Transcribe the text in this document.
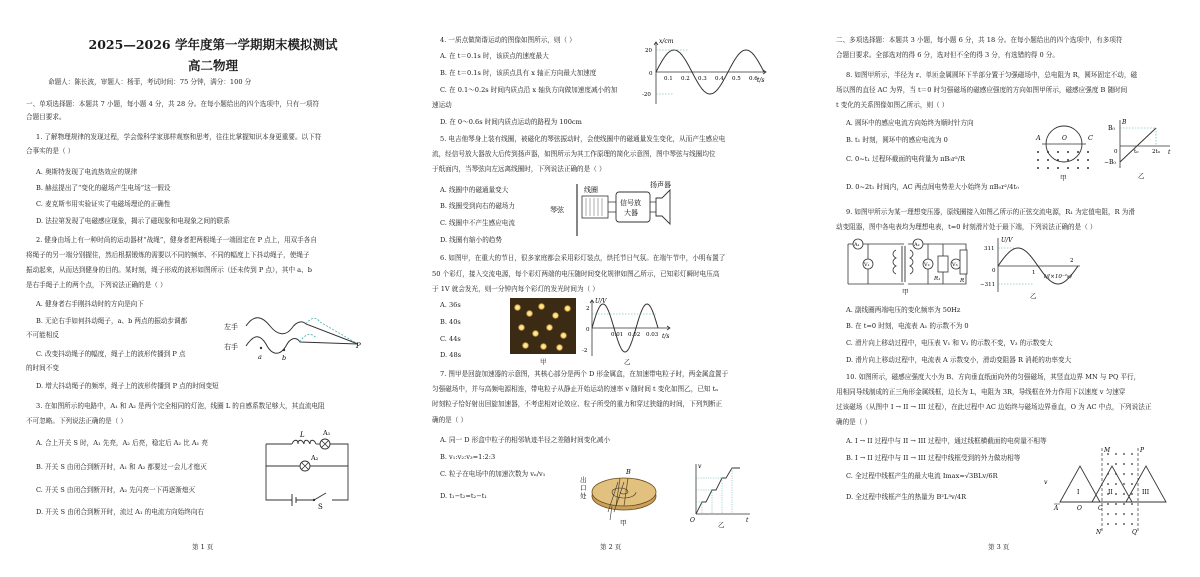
2025—2026 学年度第一学期期末模拟测试
高二物理
命题人：陈长波，审题人：杨菲，考试时间：75 分钟，满分：100 分
一、单项选择题：本题共 7 小题，每小题 4 分，共 28 分。在每小题给出的四个选项中，只有一项符
合题目要求。
1. 了解物理规律的发现过程，学会像科学家那样观察和思考，往往比掌握知识本身更重要。以下符
合事实的是（ ）
A. 奥斯特发现了电流热效应的规律
B. 赫兹提出了“变化的磁场产生电场”这一假设
C. 麦克斯韦用实验证实了电磁场理论的正确性
D. 法拉第发现了电磁感应现象，揭示了磁现象和电现象之间的联系
2. 健身由场上有一种时尚的运动器材“战绳”，健身者把两根绳子一端固定在 P 点上，用双手各自
将绳子的另一端分别握住，然后根据锻炼的需要以不同的频率、不同的幅度上下抖动绳子，使绳子
振动起来，从而达到健身的目的。某时刻，绳子形成的波形如图所示（还未传到 P 点），其中 a、b
是右手绳子上的两个点，下列说法正确的是（ ）
A. 健身者右手刚抖动时的方向是向下
B. 无论右手如何抖动绳子，a、b 两点的振动步调都
不可能相反
C. 改变抖动绳子的幅度，绳子上的波形传播到 P 点
的时间不变
D. 增大抖动绳子的频率，绳子上的波形传播到 P 点的时间变短
3. 在如图所示的电路中，A₁ 和 A₂ 是两个完全相同的灯泡，线圈 L 的自感系数足够大，其直流电阻
不可忽略。下列说法正确的是（ ）
A. 合上开关 S 时，A₁ 先亮，A₂ 后亮，稳定后 A₂ 比 A₁ 亮
B. 开关 S 由闭合到断开时，A₁ 和 A₂ 都要过一会儿才熄灭
C. 开关 S 由闭合到断开时，A₂ 先闪亮一下再逐渐熄灭
D. 开关 S 由闭合到断开时，流过 A₁ 的电流方向始终向右
左手
右手
a	b
P
L	A₁
A₂
S
第 1 页
4. 一质点做简谐运动的图像如图所示，则（ ）
A. 在 t＝0.1s 时，该质点的速度最大
B. 在 t＝0.1s 时，该质点具有 x 轴正方向最大加速度
C. 在 0.1～0.2s 时间内质点沿 x 轴负方向做加速度减小的加
速运动
D. 在 0～0.6s 时间内质点运动的路程为 100cm
5. 电吉他琴身上装有线圈，被磁化的琴弦振动时，会使线圈中的磁通量发生变化，从而产生感应电
流，经信号放大器放大后传到扬声器，如图所示为其工作原理的简化示意图，图中琴弦与线圈均位
于纸面内，当琴弦向左远离线圈时，下列说法正确的是（ ）
A. 线圈中的磁通量变大
B. 线圈受到向右的磁场力
C. 线圈中不产生感应电流
D. 线圈有缩小的趋势
6. 如图甲，在重大的节日，很多家庭都会采用彩灯装点，烘托节日气氛。在端午节中，小明布置了
50 个彩灯，接入交流电源，每个彩灯两端的电压随时间变化规律如图乙所示，已知彩灯瞬时电压高
于 1V 就会发光，则一分钟内每个彩灯的发光时间为（ ）
A. 36s
B. 40s
C. 44s
D. 48s
7. 图甲是回旋加速器的示意图，其核心部分是两个 D 形金属盒，在加速带电粒子时，两金属盒置于
匀强磁场中，并与高频电源相连，带电粒子从静止开始运动的速率 v 随时间 t 变化如图乙，已知 tₙ
时刻粒子恰好射出回旋加速器，不考虑相对论效应、粒子所受的重力和穿过狭缝的时间，下列判断正
确的是（ ）
A. 同一 D 形盒中粒子的相邻轨迹半径之差随时间变化减小
B. v₁:v₂:v₃=1:2:3
C. 粒子在电场中的加速次数为 vₙ/v₁
D. t₁−t₂=t₂−t₁
x/cm
t/s
20
0
-20
0.1 0.2 0.3 0.4 0.5 0.6
琴弦
线圈
信号放
大器
扬声器
甲
U/V
t/s
2
0
-2
0.01 0.02 0.03
乙
出
口
处
B
甲
v
t
O
乙
第 2 页
二、多项选择题：本题共 3 小题，每小题 6 分，共 18 分。在每小题给出的四个选项中，有多项符
合题目要求。全部选对的得 6 分，选对但不全的得 3 分，有选错的得 0 分。
8. 如图甲所示，半径为 r、单匝金属圆环下半部分置于匀强磁场中，总电阻为 R，圆环固定不动，磁
场以图的直径 AC 为界，当 t＝0 时匀强磁场的磁感应强度的方向如图甲所示，磁感应强度 B 随时间
t 变化的关系图像如图乙所示，则（ ）
A. 圆环中的感应电流方向始终为顺时针方向
B. t₁ 时刻，圆环中的感应电流为 0
C. 0~t₁ 过程环截面的电荷量为 πB₀r²/R
D. 0~2t₁ 时间内，AC 两点间电势差大小始终为 πB₀r²/4t₀
9. 如图甲所示为某一理想变压器，原线圈接入如图乙所示的正弦交流电源，R₁ 为定值电阻，R 为滑
动变阻器，图中各电表均为理想电表，t=0 时刻滑片处于最下端，下列说法正确的是（ ）
A. 副线圈两端电压的变化频率为 50Hz
B. 在 t=0 时刻，电流表 A₁ 的示数不为 0
C. 滑片向上移动过程中，电压表 V₁ 和 V₂ 的示数不变，V₃ 的示数变大
D. 滑片向上移动过程中，电流表 A 示数变小，滑动变阻器 R 消耗的功率变大
10. 如图所示，磁感应强度大小为 B、方向垂直纸面向外的匀强磁场，其竖直边界 MN 与 PQ 平行，
用相同导线制成的正三角形金属线框，边长为 L，电阻为 3R，导线框在外力作用下以速度 v 匀速穿
过该磁场（从图中 I → II → III 过程），在此过程中 AC 边始终与磁场边界垂直，O 为 AC 中点，下列说法正
确的是（ ）
A. I → II 过程中与 II → III 过程中，通过线框横截面的电荷量不相等
B. I → II 过程中与 II → III 过程中线框受到的外力做功相等
C. 全过程中线框产生的最大电流 Imax=√3BLv/6R
D. 全过程中线框产生的热量为 B²L³v/4R
A	C
O
甲
B
B₀
−B₀
0	t₀ 2t₀ t
乙
A₁
V₁
A₂
V₂	V₃
R₁	R
甲
U/V
311
−311
0	1
2
t/(×10⁻²s)
乙
I	II	III
M	P
N	Q
A	C
O
v
第 3 页
